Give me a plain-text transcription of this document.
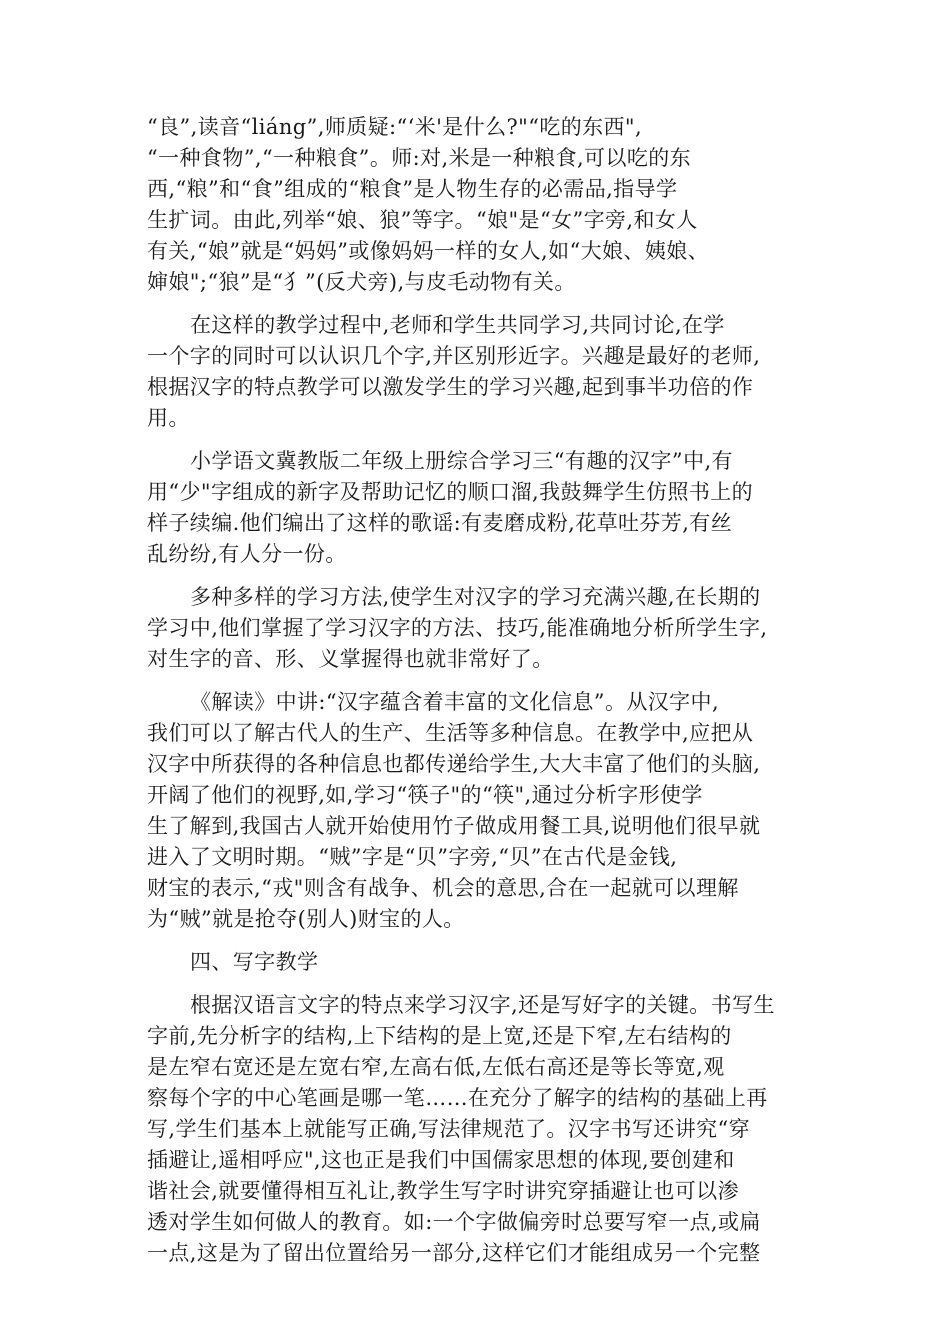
“良”,读音“liáng”,师质疑:“‘米'是什么?"“吃的东西",
“一种食物”,“一种粮食”。师:对,米是一种粮食,可以吃的东
西,“粮”和“食”组成的“粮食”是人物生存的必需品,指导学
生扩词。由此,列举“娘、狼”等字。“娘"是“女”字旁,和女人
有关,“娘”就是“妈妈”或像妈妈一样的女人,如“大娘、姨娘、
婶娘";“狼”是“犭”(反犬旁),与皮毛动物有关。
在这样的教学过程中,老师和学生共同学习,共同讨论,在学
一个字的同时可以认识几个字,并区别形近字。兴趣是最好的老师,
根据汉字的特点教学可以激发学生的学习兴趣,起到事半功倍的作
用。
小学语文冀教版二年级上册综合学习三“有趣的汉字”中,有
用“少"字组成的新字及帮助记忆的顺口溜,我鼓舞学生仿照书上的
样子续编.他们编出了这样的歌谣:有麦磨成粉,花草吐芬芳,有丝
乱纷纷,有人分一份。
多种多样的学习方法,使学生对汉字的学习充满兴趣,在长期的
学习中,他们掌握了学习汉字的方法、技巧,能准确地分析所学生字,
对生字的音、形、义掌握得也就非常好了。
《解读》中讲:“汉字蕴含着丰富的文化信息”。从汉字中,
我们可以了解古代人的生产、生活等多种信息。在教学中,应把从
汉字中所获得的各种信息也都传递给学生,大大丰富了他们的头脑,
开阔了他们的视野,如,学习“筷子"的“筷",通过分析字形使学
生了解到,我国古人就开始使用竹子做成用餐工具,说明他们很早就
进入了文明时期。“贼”字是“贝”字旁,“贝”在古代是金钱,
财宝的表示,“戎"则含有战争、机会的意思,合在一起就可以理解
为“贼”就是抢夺(别人)财宝的人。
四、写字教学
根据汉语言文字的特点来学习汉字,还是写好字的关键。书写生
字前,先分析字的结构,上下结构的是上宽,还是下窄,左右结构的
是左窄右宽还是左宽右窄,左高右低,左低右高还是等长等宽,观
察每个字的中心笔画是哪一笔……在充分了解字的结构的基础上再
写,学生们基本上就能写正确,写法律规范了。汉字书写还讲究“穿
插避让,遥相呼应",这也正是我们中国儒家思想的体现,要创建和
谐社会,就要懂得相互礼让,教学生写字时讲究穿插避让也可以渗
透对学生如何做人的教育。如:一个字做偏旁时总要写窄一点,或扁
一点,这是为了留出位置给另一部分,这样它们才能组成另一个完整
